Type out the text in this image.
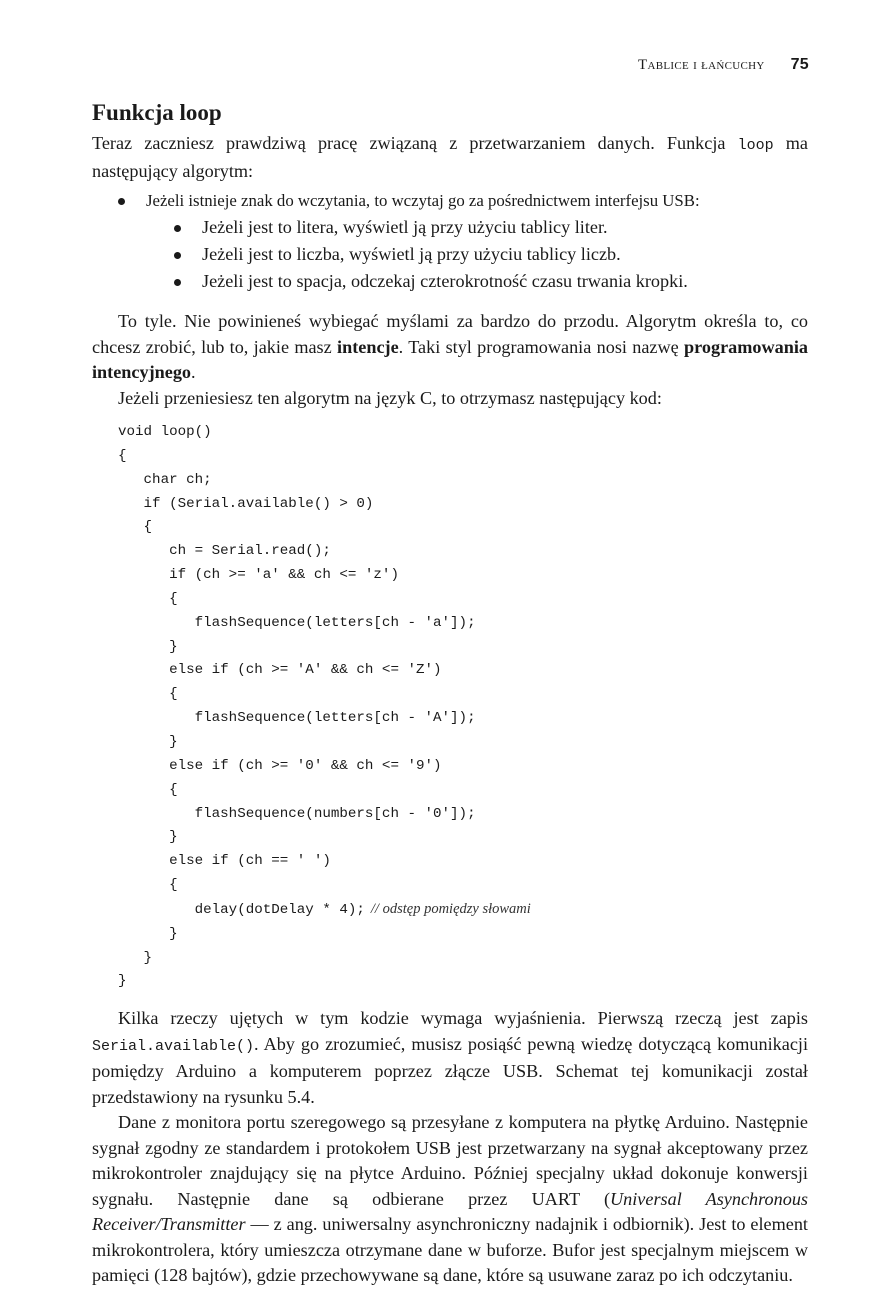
Tablice i łańcuchy 75
Funkcja loop

Teraz zaczniesz prawdziwą pracę związaną z przetwarzaniem danych. Funkcja loop ma następujący algorytm:

Jeżeli istnieje znak do wczytania, to wczytaj go za pośrednictwem interfejsu USB:
Jeżeli jest to litera, wyświetl ją przy użyciu tablicy liter.
Jeżeli jest to liczba, wyświetl ją przy użyciu tablicy liczb.
Jeżeli jest to spacja, odczekaj czterokrotność czasu trwania kropki.

To tyle. Nie powinieneś wybiegać myślami za bardzo do przodu. Algorytm określa to, co chcesz zrobić, lub to, jakie masz intencje. Taki styl programowania nosi nazwę programowania intencyjnego.

Jeżeli przeniesiesz ten algorytm na język C, to otrzymasz następujący kod:

void loop()
{
char ch;
if (Serial.available() > 0)
{
ch = Serial.read();
if (ch >= 'a' && ch <= 'z')
{
flashSequence(letters[ch - 'a']);
}
else if (ch >= 'A' && ch <= 'Z')
{
flashSequence(letters[ch - 'A']);
}
else if (ch >= '0' && ch <= '9')
{
flashSequence(numbers[ch - '0']);
}
else if (ch == ' ')
{
delay(dotDelay * 4); // odstęp pomiędzy słowami
}
}
}

Kilka rzeczy ujętych w tym kodzie wymaga wyjaśnienia. Pierwszą rzeczą jest zapis Serial.available(). Aby go zrozumieć, musisz posiąść pewną wiedzę dotyczącą komunikacji pomiędzy Arduino a komputerem poprzez złącze USB. Schemat tej komunikacji został przedstawiony na rysunku 5.4.

Dane z monitora portu szeregowego są przesyłane z komputera na płytkę Arduino. Następnie sygnał zgodny ze standardem i protokołem USB jest przetwarzany na sygnał akceptowany przez mikrokontroler znajdujący się na płytce Arduino. Później specjalny układ dokonuje konwersji sygnału. Następnie dane są odbierane przez UART (Universal Asynchronous Receiver/Transmitter — z ang. uniwersalny asynchroniczny nadajnik i odbiornik). Jest to element mikrokontrolera, który umieszcza otrzymane dane w buforze. Bufor jest specjalnym miejscem w pamięci (128 bajtów), gdzie przechowywane są dane, które są usuwane zaraz po ich odczytaniu.
